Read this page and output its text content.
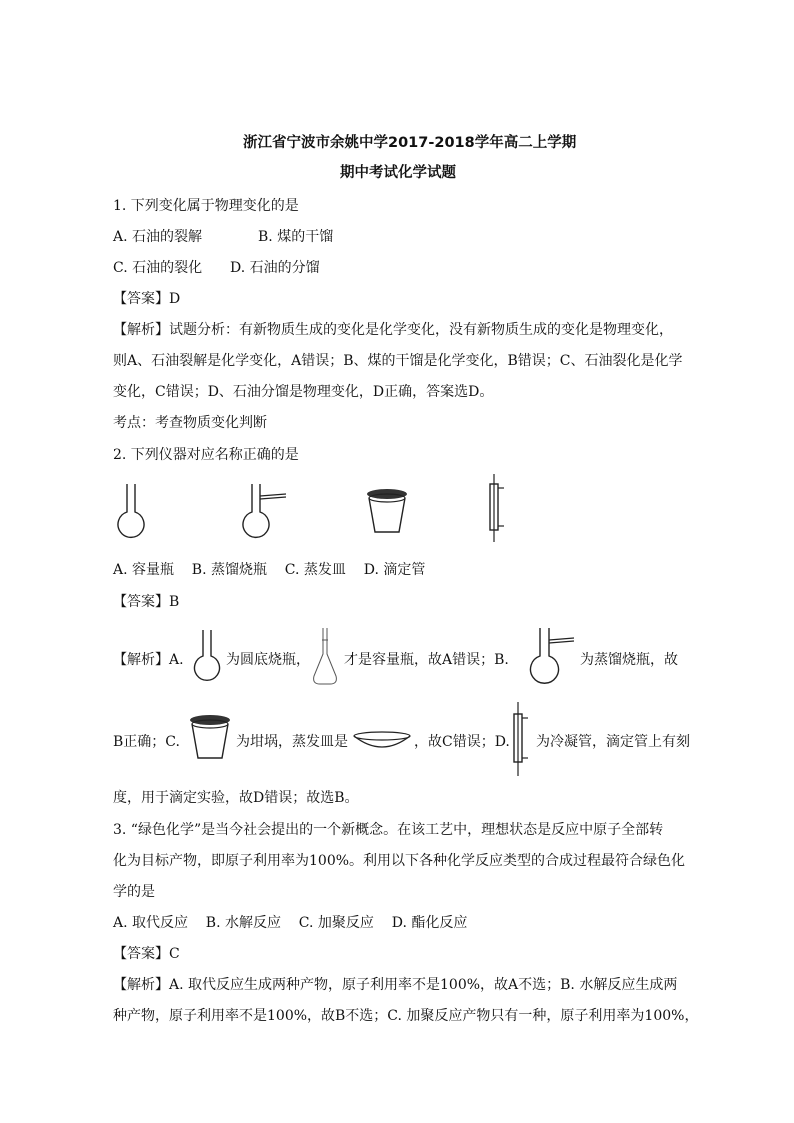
浙江省宁波市余姚中学2017-2018学年高二上学期
期中考试化学试题
1. 下列变化属于物理变化的是
A. 石油的裂解	B. 煤的干馏
C. 石油的裂化 D. 石油的分馏
【答案】D
【解析】试题分析：有新物质生成的变化是化学变化，没有新物质生成的变化是物理变化，
则A、石油裂解是化学变化，A错误；B、煤的干馏是化学变化，B错误；C、石油裂化是化学
变化，C错误；D、石油分馏是物理变化，D正确，答案选D。
考点：考查物质变化判断
2. 下列仪器对应名称正确的是
A. 容量瓶    B. 蒸馏烧瓶    C. 蒸发皿    D. 滴定管
【答案】B
【解析】A.	为圆底烧瓶， 才是容量瓶，故A错误；B.	为蒸馏烧瓶，故
B正确；C.	为坩埚，蒸发皿是	，故C错误；D. 为冷凝管，滴定管上有刻
度，用于滴定实验，故D错误；故选B。
3. “绿色化学”是当今社会提出的一个新概念。在该工艺中，理想状态是反应中原子全部转
化为目标产物，即原子利用率为100%。利用以下各种化学反应类型的合成过程最符合绿色化
学的是
A. 取代反应    B. 水解反应    C. 加聚反应    D. 酯化反应
【答案】C
【解析】A. 取代反应生成两种产物，原子利用率不是100%，故A不选；B. 水解反应生成两
种产物，原子利用率不是100%，故B不选；C. 加聚反应产物只有一种，原子利用率为100%，
